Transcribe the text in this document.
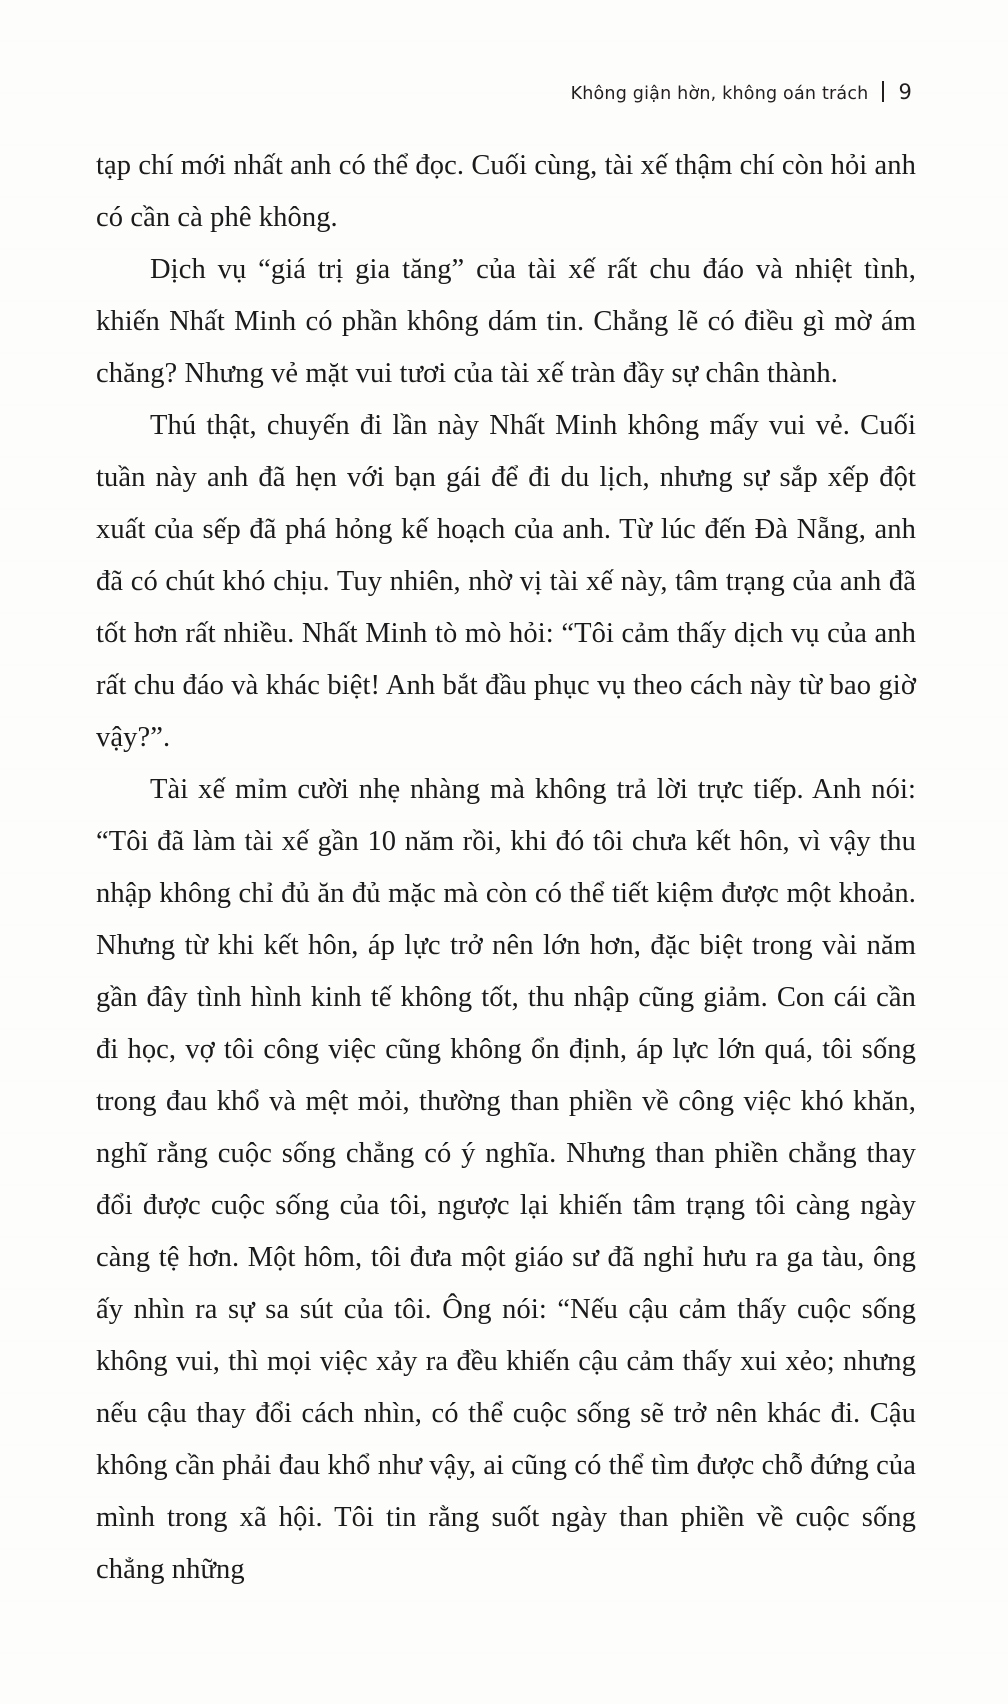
Không giận hờn, không oán trách 9

tạp chí mới nhất anh có thể đọc. Cuối cùng, tài xế thậm chí còn hỏi anh có cần cà phê không.

Dịch vụ “giá trị gia tăng” của tài xế rất chu đáo và nhiệt tình, khiến Nhất Minh có phần không dám tin. Chẳng lẽ có điều gì mờ ám chăng? Nhưng vẻ mặt vui tươi của tài xế tràn đầy sự chân thành.

Thú thật, chuyến đi lần này Nhất Minh không mấy vui vẻ. Cuối tuần này anh đã hẹn với bạn gái để đi du lịch, nhưng sự sắp xếp đột xuất của sếp đã phá hỏng kế hoạch của anh. Từ lúc đến Đà Nẵng, anh đã có chút khó chịu. Tuy nhiên, nhờ vị tài xế này, tâm trạng của anh đã tốt hơn rất nhiều. Nhất Minh tò mò hỏi: “Tôi cảm thấy dịch vụ của anh rất chu đáo và khác biệt! Anh bắt đầu phục vụ theo cách này từ bao giờ vậy?”.

Tài xế mỉm cười nhẹ nhàng mà không trả lời trực tiếp. Anh nói: “Tôi đã làm tài xế gần 10 năm rồi, khi đó tôi chưa kết hôn, vì vậy thu nhập không chỉ đủ ăn đủ mặc mà còn có thể tiết kiệm được một khoản. Nhưng từ khi kết hôn, áp lực trở nên lớn hơn, đặc biệt trong vài năm gần đây tình hình kinh tế không tốt, thu nhập cũng giảm. Con cái cần đi học, vợ tôi công việc cũng không ổn định, áp lực lớn quá, tôi sống trong đau khổ và mệt mỏi, thường than phiền về công việc khó khăn, nghĩ rằng cuộc sống chẳng có ý nghĩa. Nhưng than phiền chẳng thay đổi được cuộc sống của tôi, ngược lại khiến tâm trạng tôi càng ngày càng tệ hơn. Một hôm, tôi đưa một giáo sư đã nghỉ hưu ra ga tàu, ông ấy nhìn ra sự sa sút của tôi. Ông nói: “Nếu cậu cảm thấy cuộc sống không vui, thì mọi việc xảy ra đều khiến cậu cảm thấy xui xẻo; nhưng nếu cậu thay đổi cách nhìn, có thể cuộc sống sẽ trở nên khác đi. Cậu không cần phải đau khổ như vậy, ai cũng có thể tìm được chỗ đứng của mình trong xã hội. Tôi tin rằng suốt ngày than phiền về cuộc sống chẳng những
